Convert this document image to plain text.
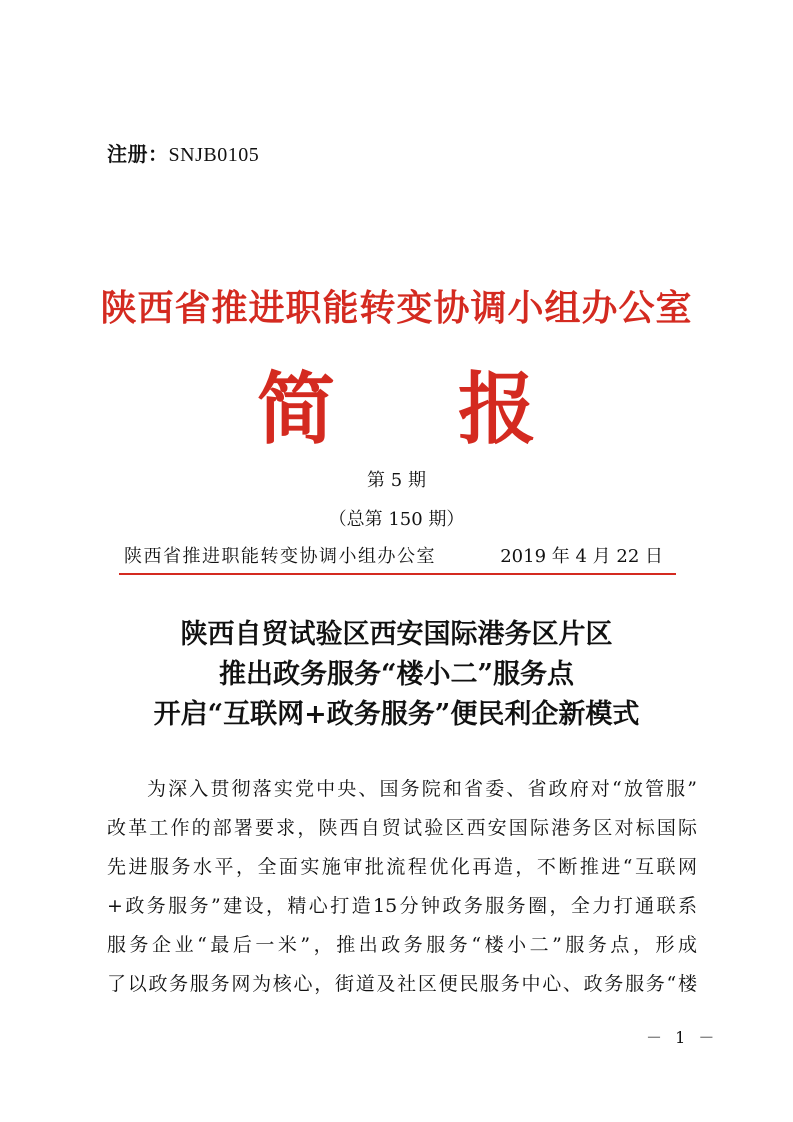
注册：SNJB0105
陕西省推进职能转变协调小组办公室
简 报
第 5 期
（总第 150 期）
陕西省推进职能转变协调小组办公室	2019 年 4 月 22 日
陕西自贸试验区西安国际港务区片区
推出政务服务“楼小二”服务点
开启“互联网+政务服务”便民利企新模式
为深入贯彻落实党中央、国务院和省委、省政府对“放管服”
改革工作的部署要求，陕西自贸试验区西安国际港务区对标国际
先进服务水平，全面实施审批流程优化再造，不断推进“互联网
+政务服务”建设，精心打造15分钟政务服务圈，全力打通联系
服务企业“最后一米”，推出政务服务“楼小二”服务点，形成
了以政务服务网为核心，街道及社区便民服务中心、政务服务“楼
－ 1 －
